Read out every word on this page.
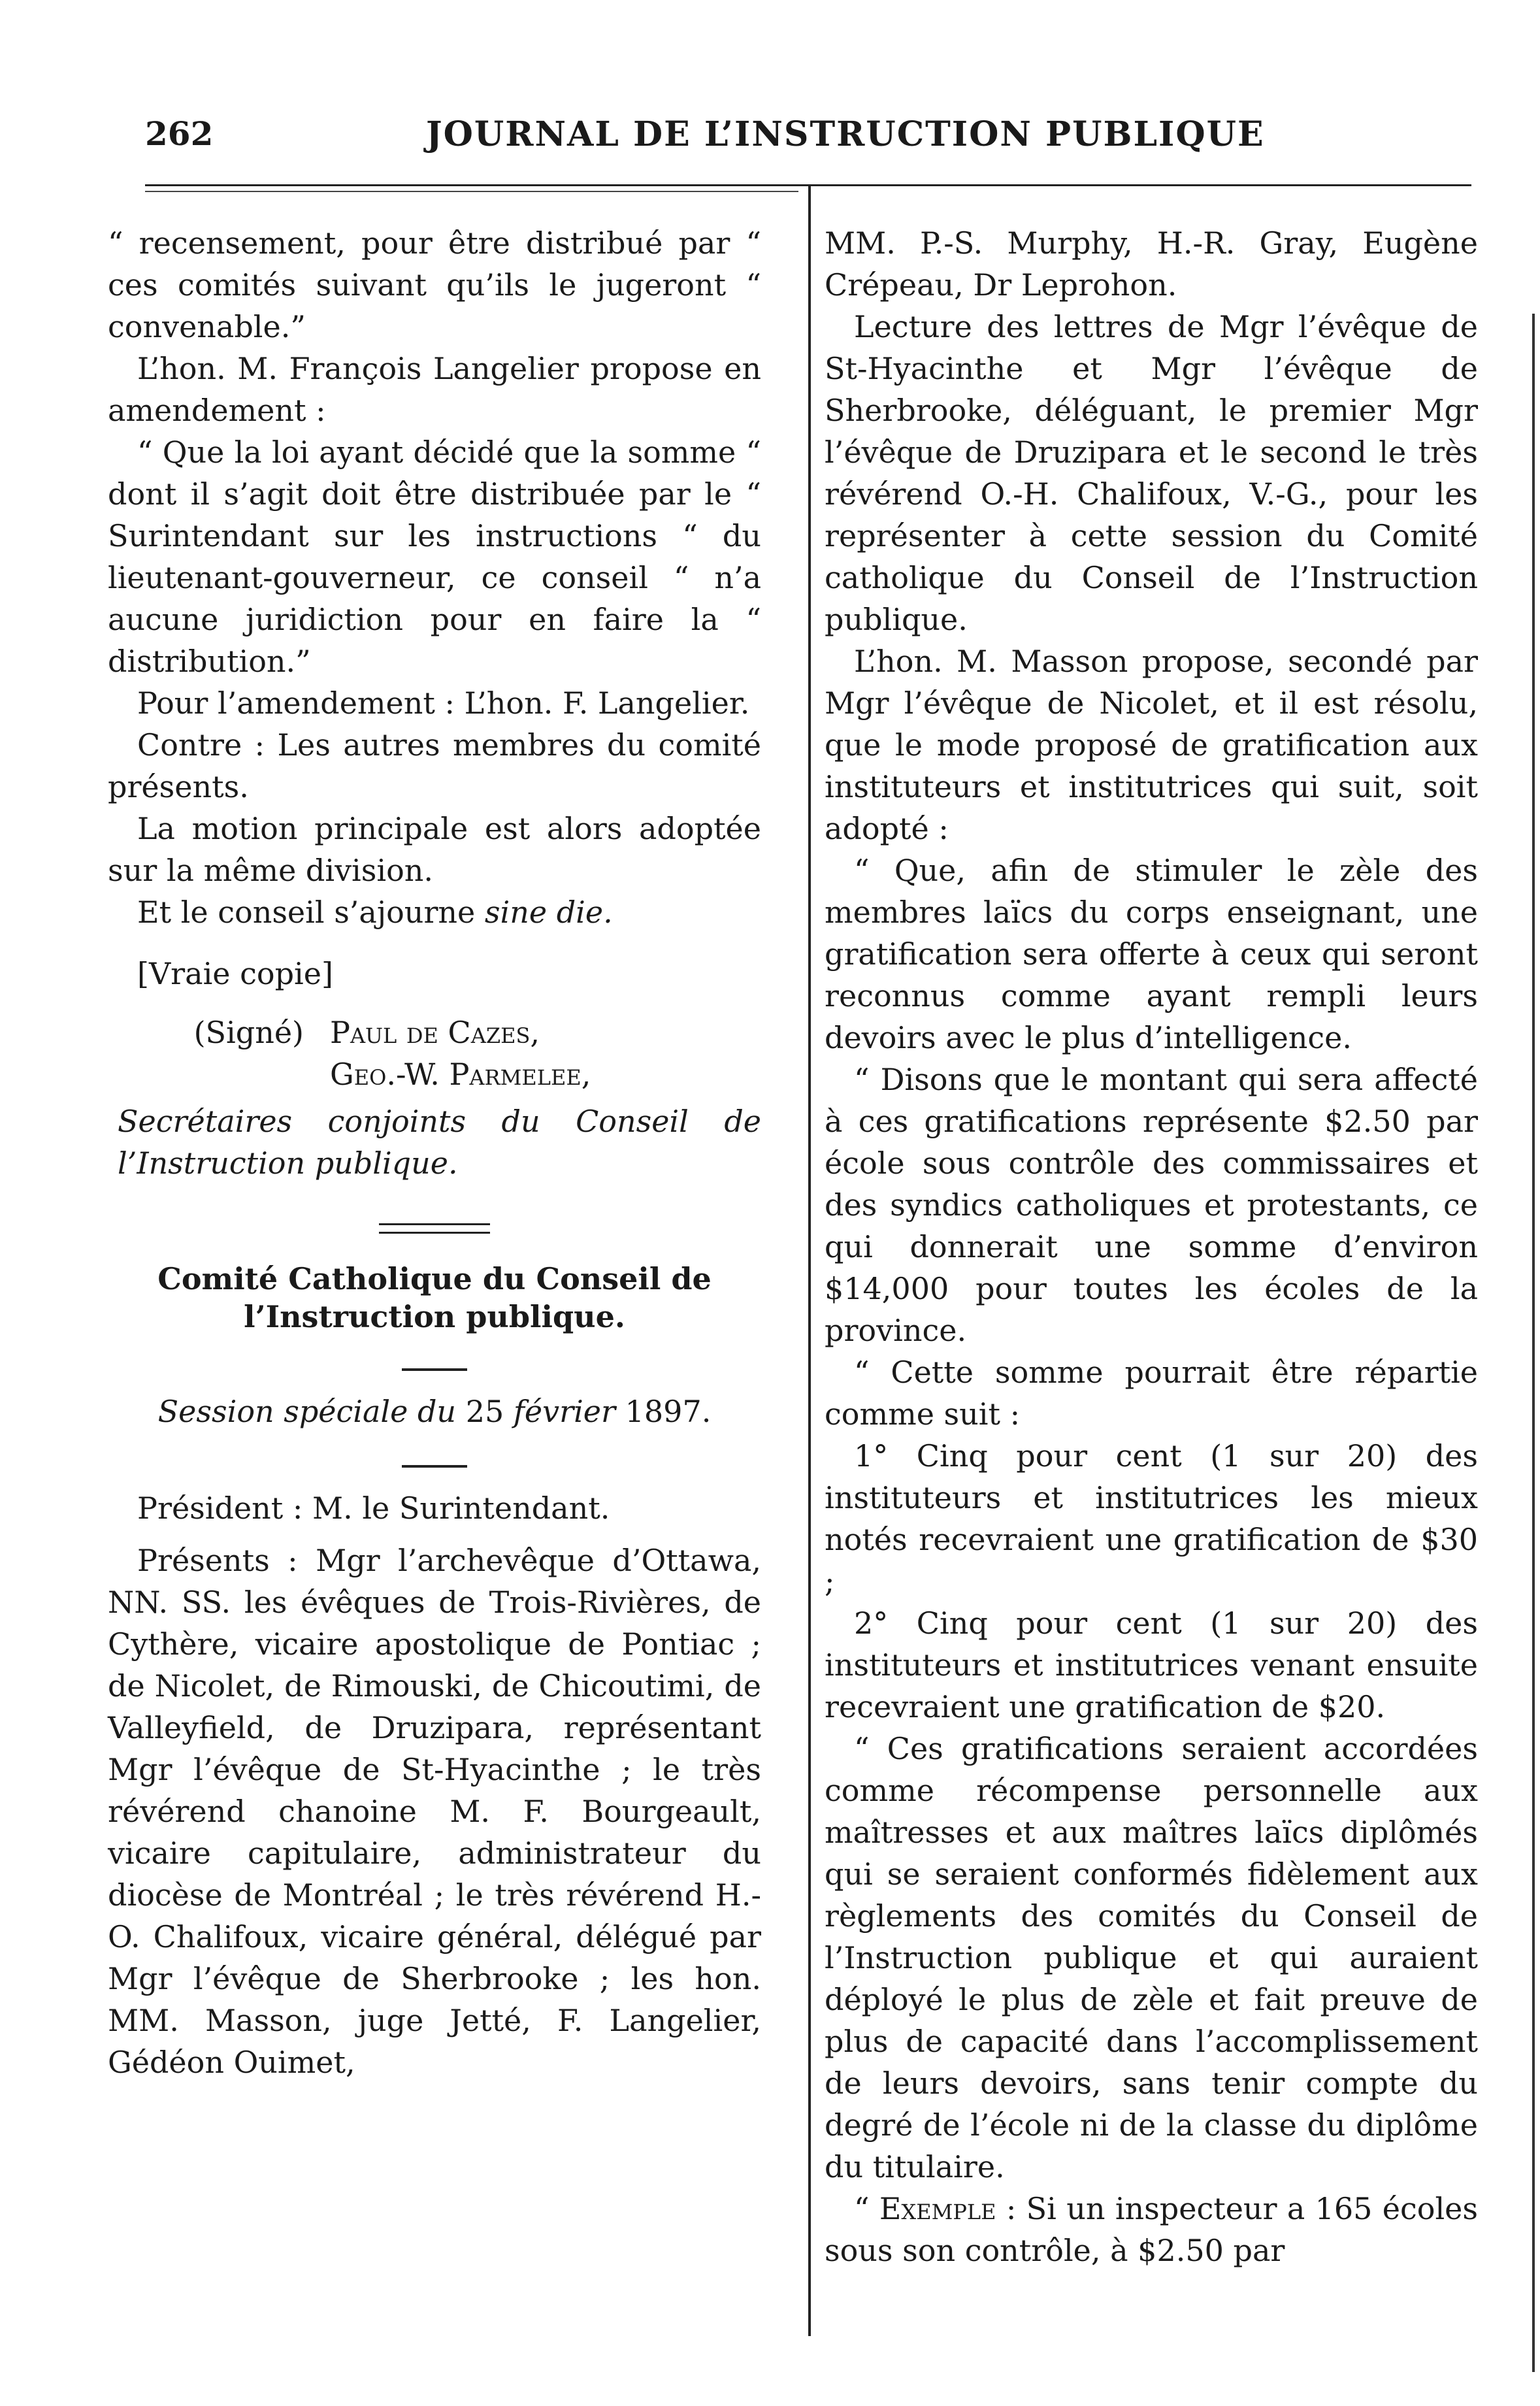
262	JOURNAL DE L’INSTRUCTION PUBLIQUE

“ recensement, pour être distribué par “ ces comités suivant qu’ils le jugeront “ convenable.”

L’hon. M. François Langelier propose en amendement :

“ Que la loi ayant décidé que la somme “ dont il s’agit doit être distribuée par le “ Surintendant sur les instructions “ du lieutenant-gouverneur, ce conseil “ n’a aucune juridiction pour en faire la “ distribution.”

Pour l’amendement : L’hon. F. Langelier.

Contre : Les autres membres du comité présents.

La motion principale est alors adoptée sur la même division.

Et le conseil s’ajourne sine die.

[Vraie copie]

(Signé) Paul de Cazes,
Geo.-W. Parmelee,

Secrétaires conjoints du Conseil de l’Instruction publique.

Comité Catholique du Conseil de l’Instruction publique.

Session spéciale du 25 février 1897.

Président : M. le Surintendant.

Présents : Mgr l’archevêque d’Ottawa, NN. SS. les évêques de Trois-Rivières, de Cythère, vicaire apostolique de Pontiac ; de Nicolet, de Rimouski, de Chicoutimi, de Valleyfield, de Druzipara, représentant Mgr l’évêque de St-Hyacinthe ; le très révérend chanoine M. F. Bourgeault, vicaire capitulaire, administrateur du diocèse de Montréal ; le très révérend H.-O. Chalifoux, vicaire général, délégué par Mgr l’évêque de Sherbrooke ; les hon. MM. Masson, juge Jetté, F. Langelier, Gédéon Ouimet,

MM. P.-S. Murphy, H.-R. Gray, Eugène Crépeau, Dr Leprohon.

Lecture des lettres de Mgr l’évêque de St-Hyacinthe et Mgr l’évêque de Sherbrooke, déléguant, le premier Mgr l’évêque de Druzipara et le second le très révérend O.-H. Chalifoux, V.-G., pour les représenter à cette session du Comité catholique du Conseil de l’Instruction publique.

L’hon. M. Masson propose, secondé par Mgr l’évêque de Nicolet, et il est résolu, que le mode proposé de gratification aux instituteurs et institutrices qui suit, soit adopté :

“ Que, afin de stimuler le zèle des membres laïcs du corps enseignant, une gratification sera offerte à ceux qui seront reconnus comme ayant rempli leurs devoirs avec le plus d’intelligence.

“ Disons que le montant qui sera affecté à ces gratifications représente $2.50 par école sous contrôle des commissaires et des syndics catholiques et protestants, ce qui donnerait une somme d’environ $14,000 pour toutes les écoles de la province.

“ Cette somme pourrait être répartie comme suit :

1° Cinq pour cent (1 sur 20) des instituteurs et institutrices les mieux notés recevraient une gratification de $30 ;

2° Cinq pour cent (1 sur 20) des instituteurs et institutrices venant ensuite recevraient une gratification de $20.

“ Ces gratifications seraient accordées comme récompense personnelle aux maîtresses et aux maîtres laïcs diplômés qui se seraient conformés fidèlement aux règlements des comités du Conseil de l’Instruction publique et qui auraient déployé le plus de zèle et fait preuve de plus de capacité dans l’accomplissement de leurs devoirs, sans tenir compte du degré de l’école ni de la classe du diplôme du titulaire.

“ Exemple : Si un inspecteur a 165 écoles sous son contrôle, à $2.50 par
